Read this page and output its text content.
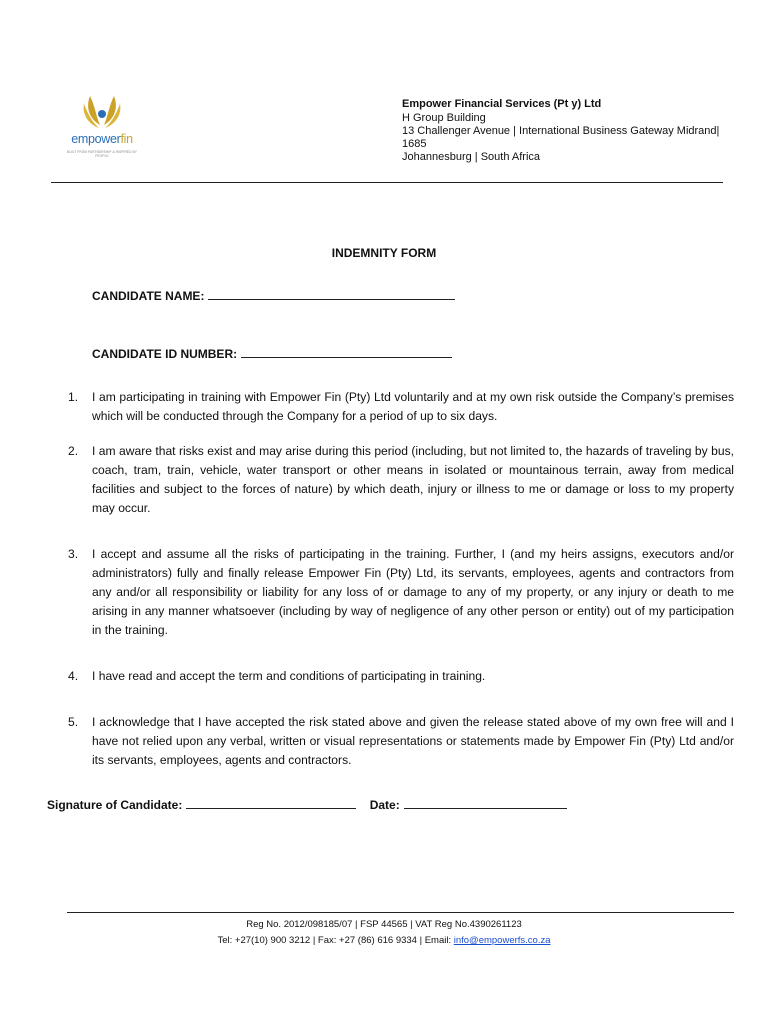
empowerfin
BUILT FROM PARTNERSHIP & INSPIRED BY PEOPLE
Empower Financial Services (Pt y) Ltd
H Group Building
13 Challenger Avenue | International Business Gateway Midrand|
1685
Johannesburg | South Africa
INDEMNITY FORM
CANDIDATE NAME:
CANDIDATE ID NUMBER:
1.	I am participating in training with Empower Fin (Pty) Ltd voluntarily and at my own risk outside the Company’s premises which will be conducted through the Company for a period of up to six days.
2.	I am aware that risks exist and may arise during this period (including, but not limited to, the hazards of traveling by bus, coach, tram, train, vehicle, water transport or other means in isolated or mountainous terrain, away from medical facilities and subject to the forces of nature) by which death, injury or illness to me or damage or loss to my property may occur.
3.	I accept and assume all the risks of participating in the training. Further, I (and my heirs assigns, executors and/or administrators) fully and finally release Empower Fin (Pty) Ltd, its servants, employees, agents and contractors from any and/or all responsibility or liability for any loss of or damage to any of my property, or any injury or death to me arising in any manner whatsoever (including by way of negligence of any other person or entity) out of my participation in the training.
4.	I have read and accept the term and conditions of participating in training.
5.	I acknowledge that I have accepted the risk stated above and given the release stated above of my own free will and I have not relied upon any verbal, written or visual representations or statements made by Empower Fin (Pty) Ltd and/or its servants, employees, agents and contractors.
Signature of Candidate:	Date:
Reg No. 2012/098185/07 | FSP 44565 | VAT Reg No.4390261123
Tel: +27(10) 900 3212 | Fax: +27 (86) 616 9334 | Email: info@empowerfs.co.za
